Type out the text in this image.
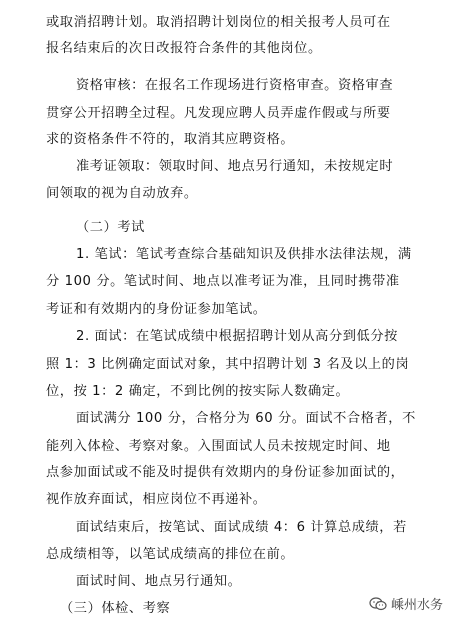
或取消招聘计划。取消招聘计划岗位的相关报考人员可在
报名结束后的次日改报符合条件的其他岗位。
资格审核：在报名工作现场进行资格审查。资格审查
贯穿公开招聘全过程。凡发现应聘人员弄虚作假或与所要
求的资格条件不符的，取消其应聘资格。
准考证领取：领取时间、地点另行通知，未按规定时
间领取的视为自动放弃。
（二）考试
1. 笔试：笔试考查综合基础知识及供排水法律法规，满
分 100 分。笔试时间、地点以准考证为准，且同时携带准
考证和有效期内的身份证参加笔试。
2. 面试：在笔试成绩中根据招聘计划从高分到低分按
照 1：3 比例确定面试对象，其中招聘计划 3 名及以上的岗
位，按 1：2 确定，不到比例的按实际人数确定。
面试满分 100 分，合格分为 60 分。面试不合格者，不
能列入体检、考察对象。入围面试人员未按规定时间、地
点参加面试或不能及时提供有效期内的身份证参加面试的，
视作放弃面试，相应岗位不再递补。
面试结束后，按笔试、面试成绩 4：6 计算总成绩，若
总成绩相等，以笔试成绩高的排位在前。
面试时间、地点另行通知。
（三）体检、考察	嵊州水务
